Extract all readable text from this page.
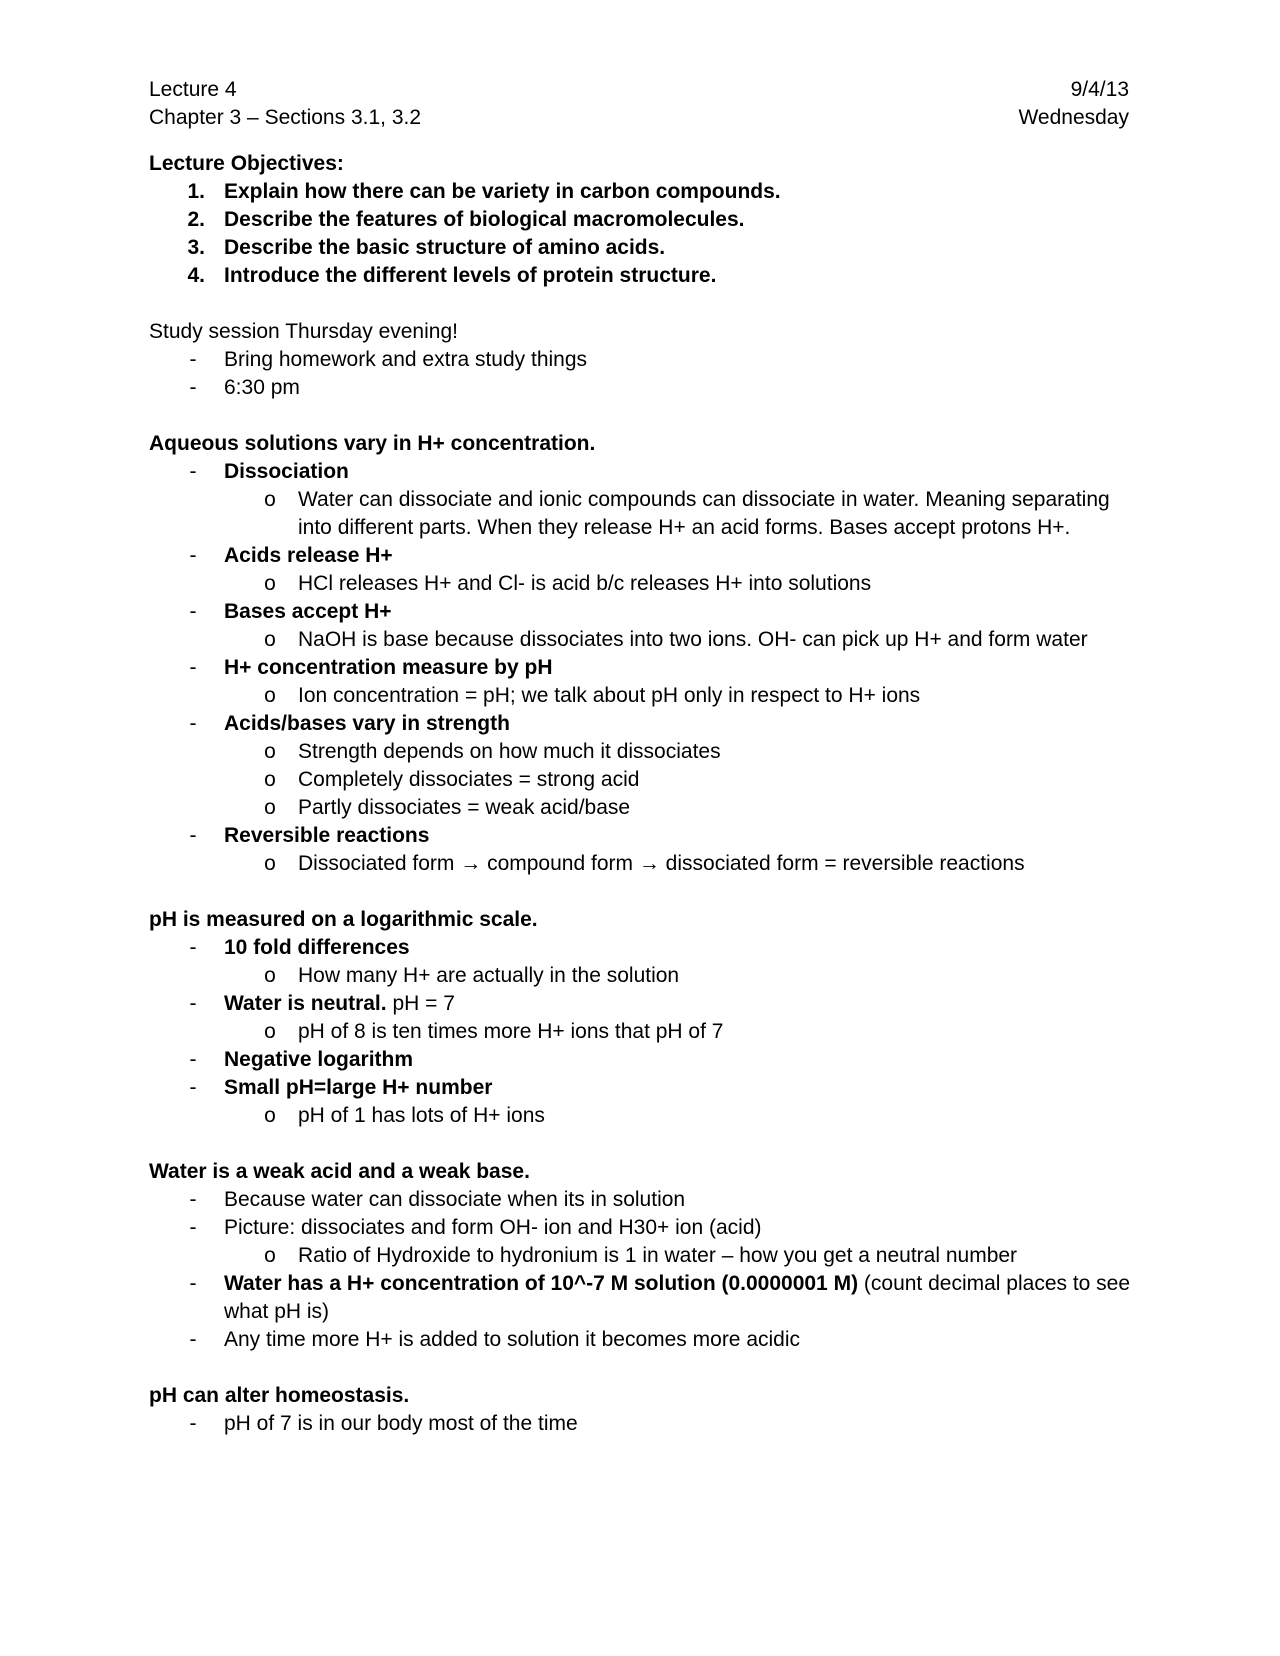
Lecture 4	9/4/13
Chapter 3 – Sections 3.1, 3.2	Wednesday
Lecture Objectives:
1. Explain how there can be variety in carbon compounds.
2. Describe the features of biological macromolecules.
3. Describe the basic structure of amino acids.
4. Introduce the different levels of protein structure.
Study session Thursday evening!
- Bring homework and extra study things
- 6:30 pm
Aqueous solutions vary in H+ concentration.
- Dissociation
o Water can dissociate and ionic compounds can dissociate in water. Meaning separating
into different parts. When they release H+ an acid forms. Bases accept protons H+.
- Acids release H+
o HCl releases H+ and Cl- is acid b/c releases H+ into solutions
- Bases accept H+
o NaOH is base because dissociates into two ions. OH- can pick up H+ and form water
- H+ concentration measure by pH
o Ion concentration = pH; we talk about pH only in respect to H+ ions
- Acids/bases vary in strength
o Strength depends on how much it dissociates
o Completely dissociates = strong acid
o Partly dissociates = weak acid/base
- Reversible reactions
o Dissociated form → compound form → dissociated form = reversible reactions
pH is measured on a logarithmic scale.
- 10 fold differences
o How many H+ are actually in the solution
- Water is neutral. pH = 7
o pH of 8 is ten times more H+ ions that pH of 7
- Negative logarithm
- Small pH=large H+ number
o pH of 1 has lots of H+ ions
Water is a weak acid and a weak base.
- Because water can dissociate when its in solution
- Picture: dissociates and form OH- ion and H30+ ion (acid)
o Ratio of Hydroxide to hydronium is 1 in water – how you get a neutral number
- Water has a H+ concentration of 10^-7 M solution (0.0000001 M) (count decimal places to see
what pH is)
- Any time more H+ is added to solution it becomes more acidic
pH can alter homeostasis.
- pH of 7 is in our body most of the time
